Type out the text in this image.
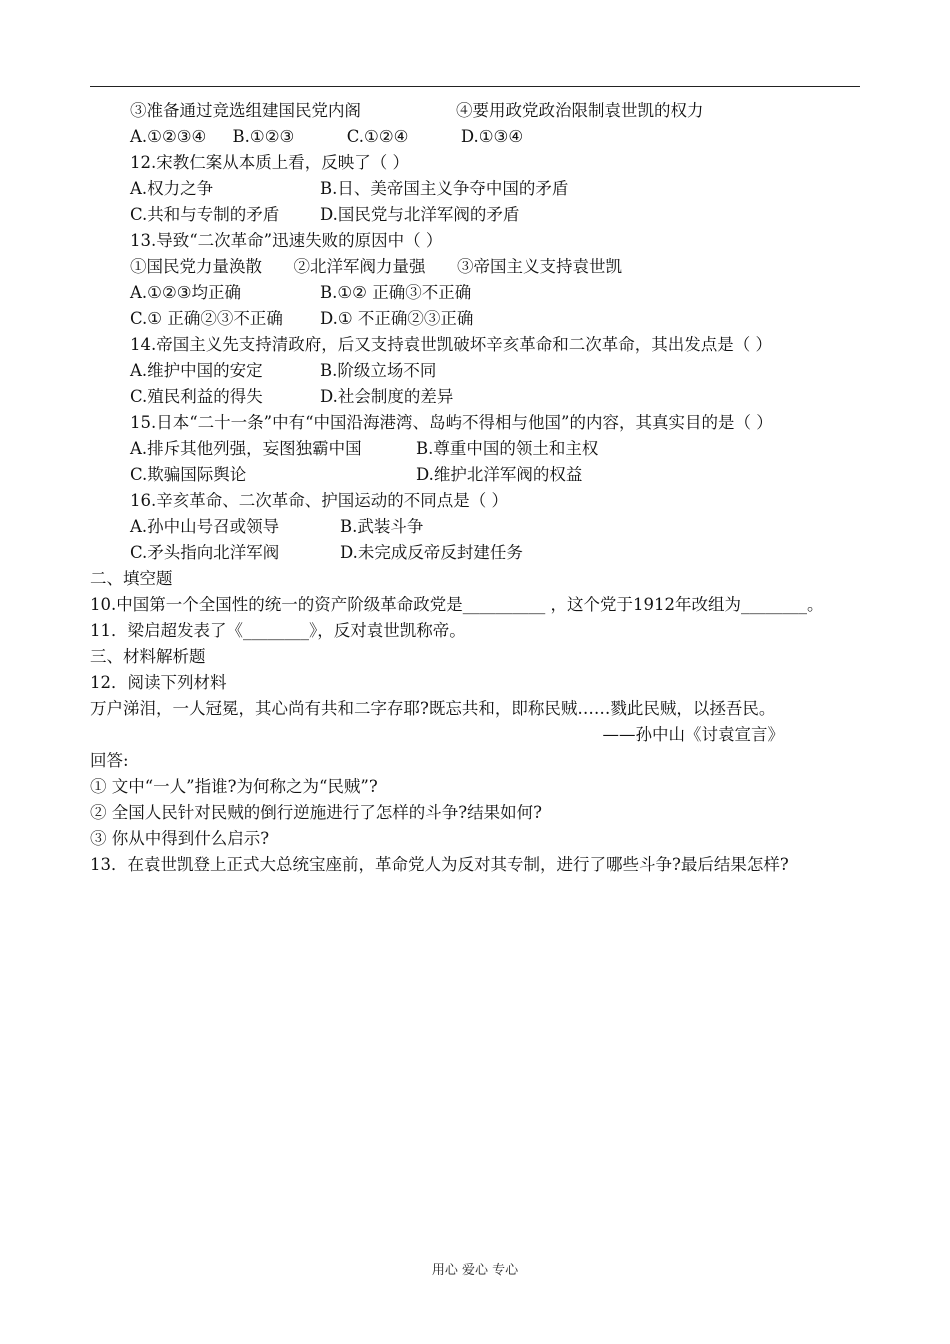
③准备通过竞选组建国民党内阁	④要用政党政治限制袁世凯的权力
A.①②③④     B.①②③          C.①②④          D.①③④
12.宋教仁案从本质上看，反映了（ ）
A.权力之争	B.日、美帝国主义争夺中国的矛盾
C.共和与专制的矛盾	D.国民党与北洋军阀的矛盾
13.导致“二次革命”迅速失败的原因中（ ）
①国民党力量涣散      ②北洋军阀力量强      ③帝国主义支持袁世凯
A.①②③均正确	B.①② 正确③不正确
C.① 正确②③不正确	D.① 不正确②③正确
14.帝国主义先支持清政府，后又支持袁世凯破坏辛亥革命和二次革命，其出发点是（ ）
A.维护中国的安定	B.阶级立场不同
C.殖民利益的得失	D.社会制度的差异
15.日本“二十一条”中有“中国沿海港湾、岛屿不得相与他国”的内容，其真实目的是（ ）
A.排斥其他列强，妄图独霸中国	B.尊重中国的领土和主权
C.欺骗国际舆论	D.维护北洋军阀的权益
16.辛亥革命、二次革命、护国运动的不同点是（ ）
A.孙中山号召或领导	B.武装斗争
C.矛头指向北洋军阀	D.未完成反帝反封建任务
二、填空题
10.中国第一个全国性的统一的资产阶级革命政党是__________ ，这个党于1912年改组为________。
11．梁启超发表了《________》，反对袁世凯称帝。
三、材料解析题
12．阅读下列材料
万户涕泪，一人冠冕，其心尚有共和二字存耶?既忘共和，即称民贼……戮此民贼，以拯吾民。
——孙中山《讨袁宣言》
回答:
① 文中“一人”指谁?为何称之为“民贼”?
② 全国人民针对民贼的倒行逆施进行了怎样的斗争?结果如何?
③ 你从中得到什么启示?
13．在袁世凯登上正式大总统宝座前，革命党人为反对其专制，进行了哪些斗争?最后结果怎样?
用心 爱心 专心
